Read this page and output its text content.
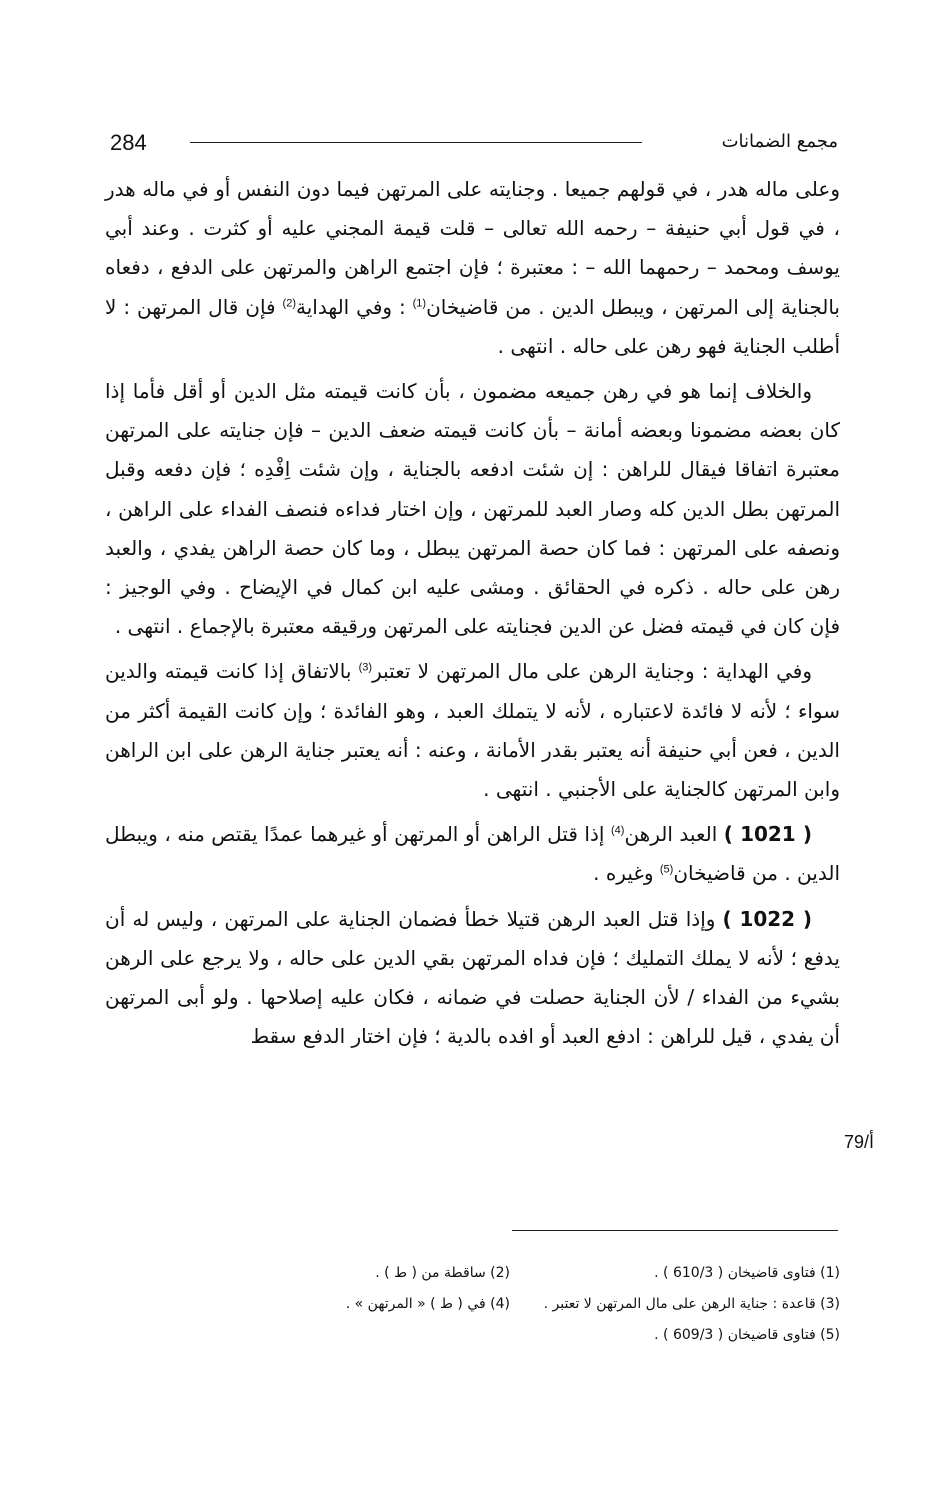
284	مجمع الضمانات

وعلى ماله هدر ، في قولهم جميعا . وجنايته على المرتهن فيما دون النفس أو في ماله هدر ، في قول أبي حنيفة – رحمه الله تعالى – قلت قيمة المجني عليه أو كثرت . وعند أبي يوسف ومحمد – رحمهما الله – : معتبرة ؛ فإن اجتمع الراهن والمرتهن على الدفع ، دفعاه بالجناية إلى المرتهن ، ويبطل الدين . من قاضيخان$^{(1)}$ : وفي الهداية$^{(2)}$ فإن قال المرتهن : لا أطلب الجناية فهو رهن على حاله . انتهى .

والخلاف إنما هو في رهن جميعه مضمون ، بأن كانت قيمته مثل الدين أو أقل فأما إذا كان بعضه مضمونا وبعضه أمانة – بأن كانت قيمته ضعف الدين – فإن جنايته على المرتهن معتبرة اتفاقا فيقال للراهن : إن شئت ادفعه بالجناية ، وإن شئت اِفْدِه ؛ فإن دفعه وقبل المرتهن بطل الدين كله وصار العبد للمرتهن ، وإن اختار فداءه فنصف الفداء على الراهن ، ونصفه على المرتهن : فما كان حصة المرتهن يبطل ، وما كان حصة الراهن يفدي ، والعبد رهن على حاله . ذكره في الحقائق . ومشى عليه ابن كمال في الإيضاح . وفي الوجيز : فإن كان في قيمته فضل عن الدين فجنايته على المرتهن ورقيقه معتبرة بالإجماع . انتهى .

وفي الهداية : وجناية الرهن على مال المرتهن لا تعتبر$^{(3)}$ بالاتفاق إذا كانت قيمته والدين سواء ؛ لأنه لا فائدة لاعتباره ، لأنه لا يتملك العبد ، وهو الفائدة ؛ وإن كانت القيمة أكثر من الدين ، فعن أبي حنيفة أنه يعتبر بقدر الأمانة ، وعنه : أنه يعتبر جناية الرهن على ابن الراهن وابن المرتهن كالجناية على الأجنبي . انتهى .

( 1021 ) العبد الرهن$^{(4)}$ إذا قتل الراهن أو المرتهن أو غيرهما عمدًا يقتص منه ، ويبطل الدين . من قاضيخان$^{(5)}$ وغيره .

( 1022 ) وإذا قتل العبد الرهن قتيلا خطأ فضمان الجناية على المرتهن ، وليس له أن يدفع ؛ لأنه لا يملك التمليك ؛ فإن فداه المرتهن بقي الدين على حاله ، ولا يرجع على الرهن بشيء من الفداء / لأن الجناية حصلت في ضمانه ، فكان عليه إصلاحها . ولو أبى المرتهن أن يفدي ، قيل للراهن : ادفع العبد أو افده بالدية ؛ فإن اختار الدفع سقط

79/أ
(1) فتاوى قاضيخان ( 610/3 ) .
(2) ساقطة من ( ط ) .
(3) قاعدة : جناية الرهن على مال المرتهن لا تعتبر .
(4) في ( ط ) « المرتهن » .
(5) فتاوى قاضيخان ( 609/3 ) .
